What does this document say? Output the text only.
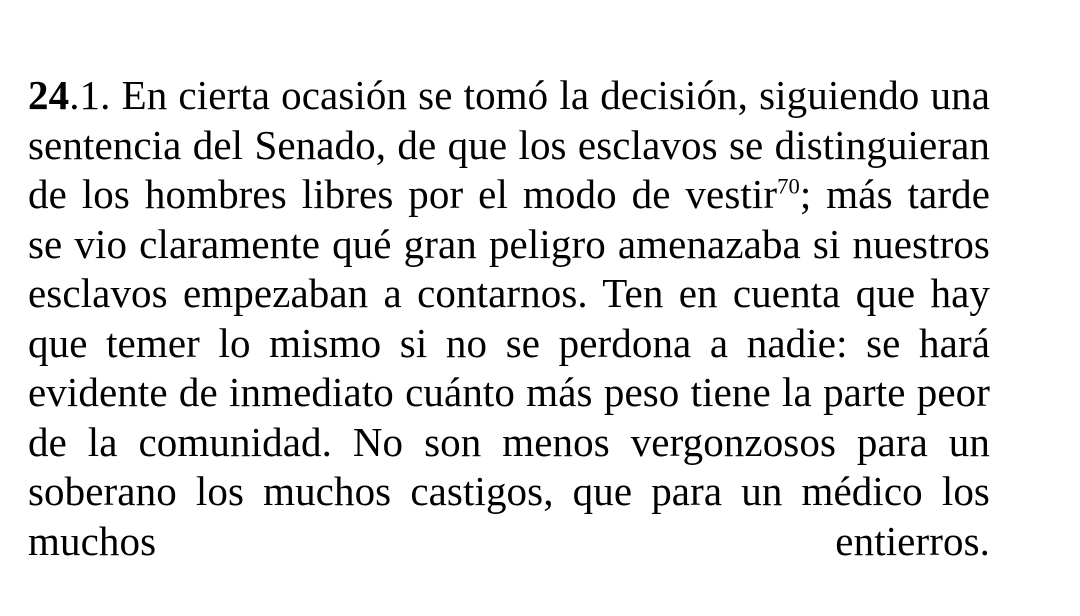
24.1. En cierta ocasión se tomó la decisión, siguiendo una sentencia del Senado, de que los esclavos se distinguieran de los hombres libres por el modo de vestir$^{70}$; más tarde se vio claramente qué gran peligro amenazaba si nuestros esclavos empezaban a contarnos. Ten en cuenta que hay que temer lo mismo si no se perdona a nadie: se hará evidente de inmediato cuánto más peso tiene la parte peor de la comunidad. No son menos vergonzosos para un soberano los muchos castigos, que para un médico los muchos entierros.
